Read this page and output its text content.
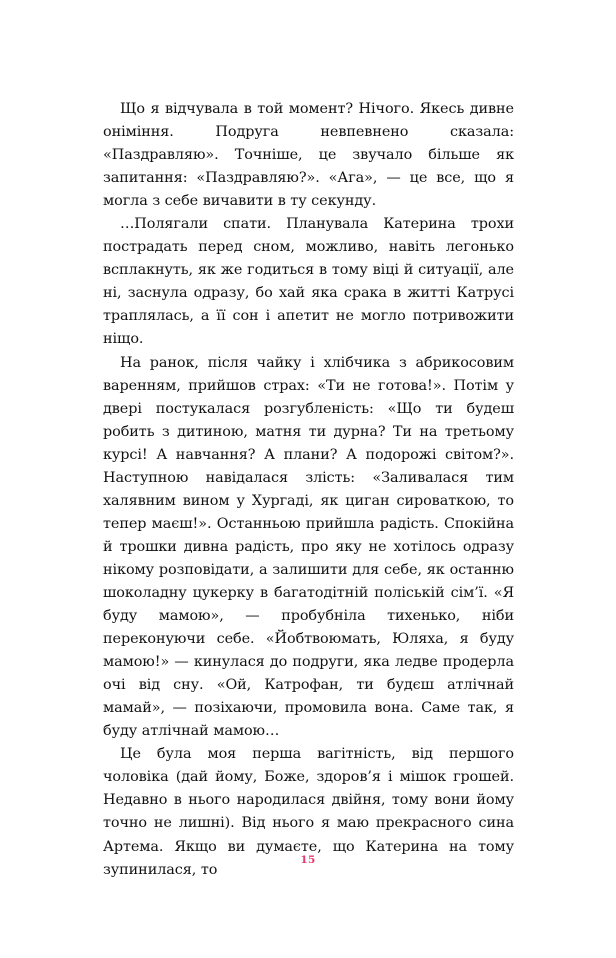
Що я відчувала в той момент? Нічого. Якесь дивне оніміння. Подруга невпевнено сказала: «Паздравляю». Точніше, це звучало більше як запитання: «Паздравляю?». «Ага», — це все, що я могла з себе вичавити в ту секунду.

…Полягали спати. Планувала Катерина трохи пострадать перед сном, можливо, навіть легонько всплакнуть, як же годиться в тому віці й ситуації, але ні, заснула одразу, бо хай яка срака в житті Катрусі траплялась, а її сон і апетит не могло потривожити ніщо.

На ранок, після чайку і хлібчика з абрикосовим варенням, прийшов страх: «Ти не готова!». Потім у двері постукалася розгубленість: «Що ти будеш робить з дитиною, матня ти дурна? Ти на третьому курсі! А навчання? А плани? А подорожі світом?». Наступною навідалася злість: «Заливалася тим халявним вином у Хургаді, як циган сироваткою, то тепер маєш!». Останньою прийшла радість. Спокійна й трошки дивна радість, про яку не хотілось одразу нікому розповідати, а залишити для себе, як останню шоколадну цукерку в багатодітній поліській сім’ї. «Я буду мамою», — пробубніла тихенько, ніби переконуючи себе. «Йобтвоюмать, Юляха, я буду мамою!» — кинулася до подруги, яка ледве продерла очі від сну. «Ой, Катрофан, ти будєш атлічнай мамай», — позіхаючи, промовила вона. Саме так, я буду атлічнай мамою…

Це була моя перша вагітність, від першого чоловіка (дай йому, Боже, здоров’я і мішок грошей. Недавно в нього народилася двійня, тому вони йому точно не лишні). Від нього я маю прекрасного сина Артема. Якщо ви думаєте, що Катерина на тому зупинилася, то

15
